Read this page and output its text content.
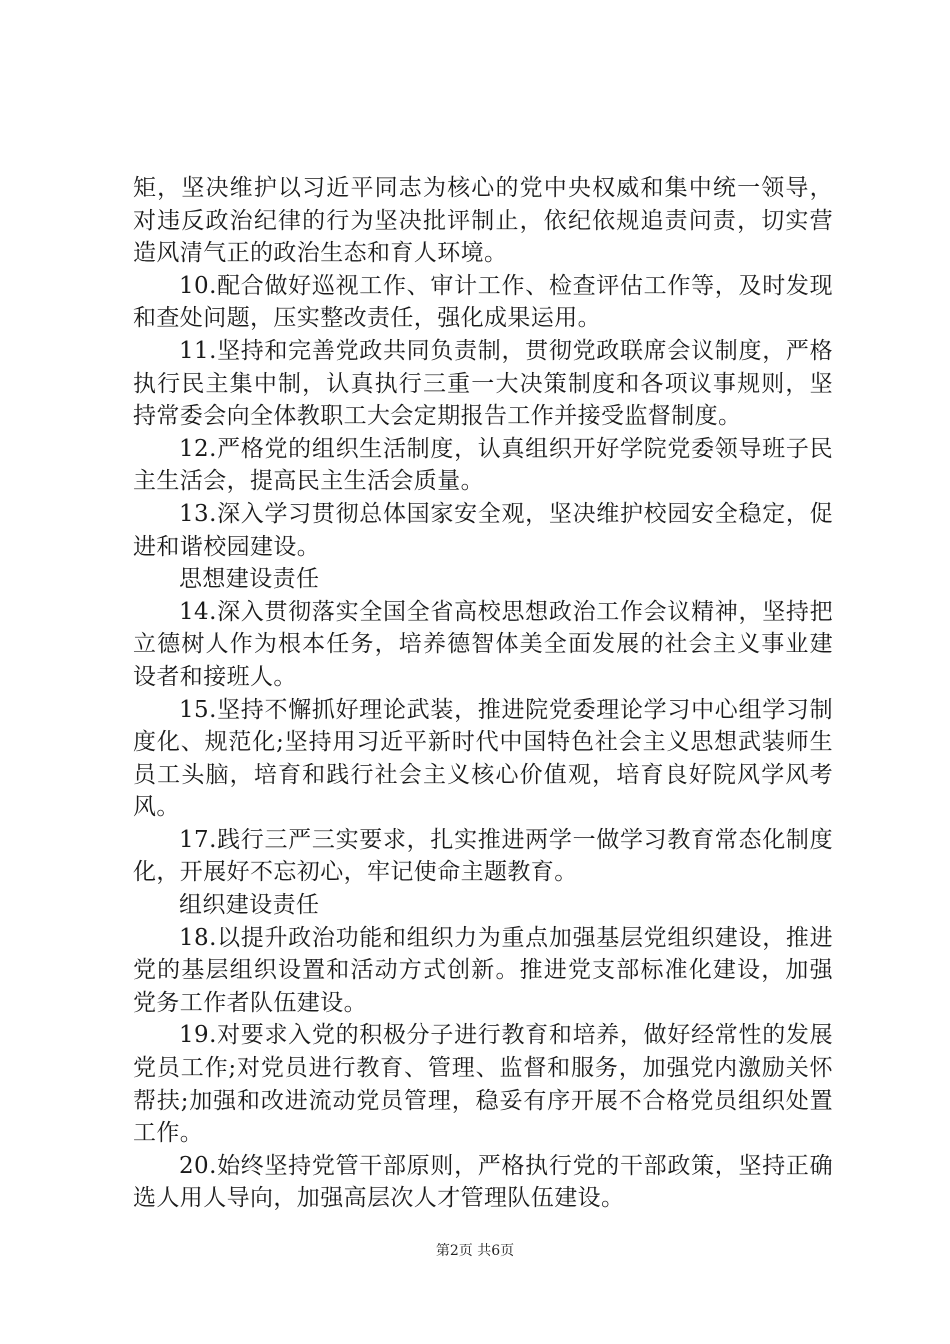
矩，坚决维护以习近平同志为核心的党中央权威和集中统一领导，对违反政治纪律的行为坚决批评制止，依纪依规追责问责，切实营造风清气正的政治生态和育人环境。

10.配合做好巡视工作、审计工作、检查评估工作等，及时发现和查处问题，压实整改责任，强化成果运用。

11.坚持和完善党政共同负责制，贯彻党政联席会议制度，严格执行民主集中制，认真执行三重一大决策制度和各项议事规则，坚持常委会向全体教职工大会定期报告工作并接受监督制度。

12.严格党的组织生活制度，认真组织开好学院党委领导班子民主生活会，提高民主生活会质量。

13.深入学习贯彻总体国家安全观，坚决维护校园安全稳定，促进和谐校园建设。

思想建设责任

14.深入贯彻落实全国全省高校思想政治工作会议精神，坚持把立德树人作为根本任务，培养德智体美全面发展的社会主义事业建设者和接班人。

15.坚持不懈抓好理论武装，推进院党委理论学习中心组学习制度化、规范化;坚持用习近平新时代中国特色社会主义思想武装师生员工头脑，培育和践行社会主义核心价值观，培育良好院风学风考风。

17.践行三严三实要求，扎实推进两学一做学习教育常态化制度化，开展好不忘初心，牢记使命主题教育。

组织建设责任

18.以提升政治功能和组织力为重点加强基层党组织建设，推进党的基层组织设置和活动方式创新。推进党支部标准化建设，加强党务工作者队伍建设。

19.对要求入党的积极分子进行教育和培养，做好经常性的发展党员工作;对党员进行教育、管理、监督和服务，加强党内激励关怀帮扶;加强和改进流动党员管理，稳妥有序开展不合格党员组织处置工作。

20.始终坚持党管干部原则，严格执行党的干部政策，坚持正确选人用人导向，加强高层次人才管理队伍建设。

第2页 共6页
